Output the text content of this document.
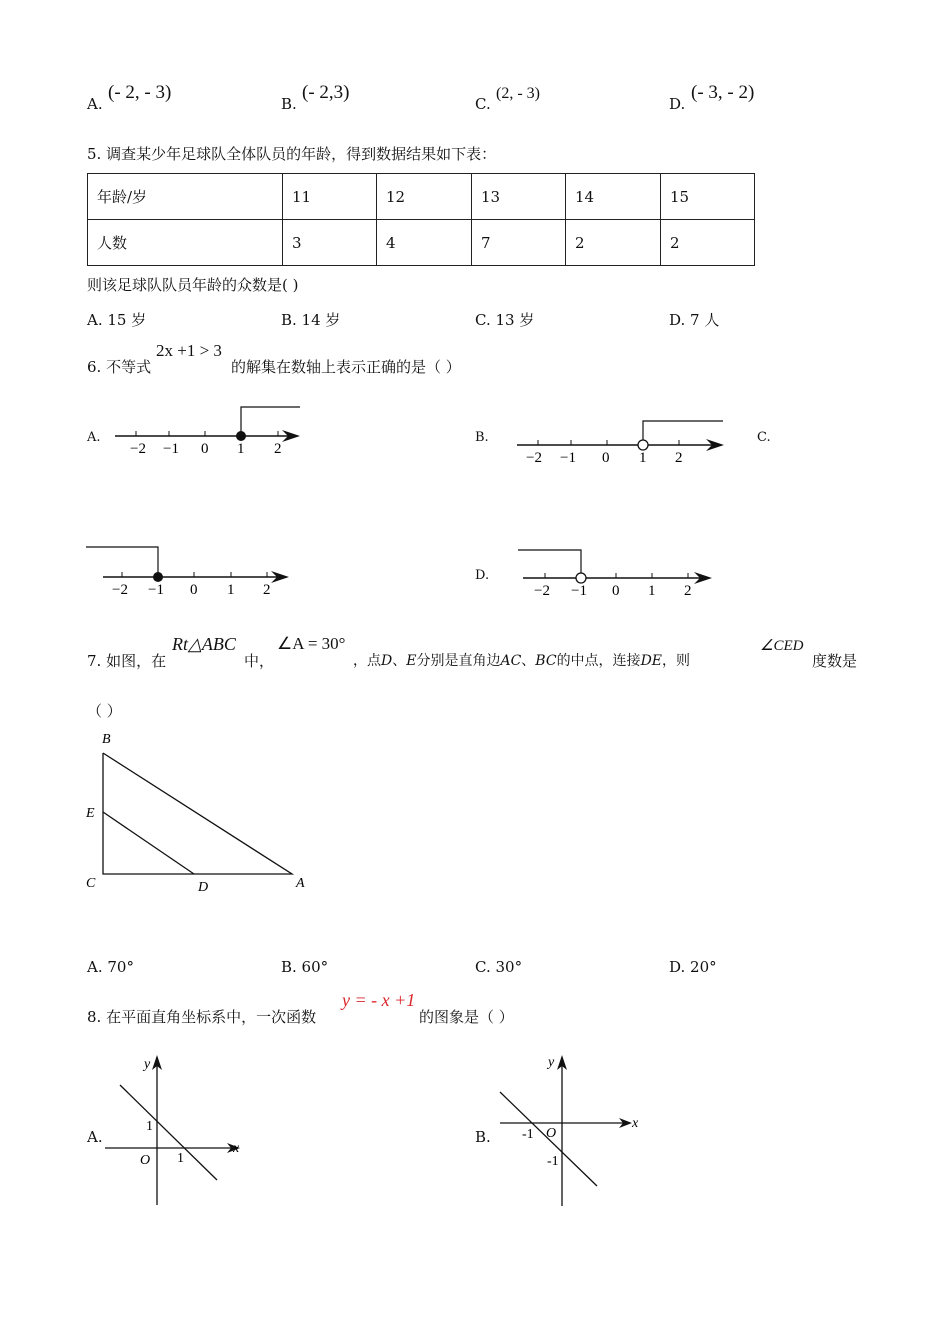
A.
(- 2, - 3)
B.
(- 2,3)
C.
(2, - 3)
D.
(- 3, - 2)
5. 调查某少年足球队全体队员的年龄，得到数据结果如下表：
年龄/岁	11	12	13	14	15
人数	3	4	7	2	2
则该足球队队员年龄的众数是( )
A. 15 岁	B. 14 岁	C. 13 岁	D. 7 人
6. 不等式
2x +1 > 3
的解集在数轴上表示正确的是（ ）
A.	B.	C.
D.
−2 −1 0 1 2
−2 −1 0 1 2
−2 −1 0 1 2	−2 −1 0 1 2
7. 如图，在
Rt△ABC
中，
∠A = 30°
，点D、E分别是直角边AC、BC的中点，连接DE，则
∠CED
度数是
（ ）
B
E
C	D	A
A. 70°	B. 60°	C. 30°	D. 20°
8. 在平面直角坐标系中，一次函数
y = - x +1
的图象是（ ）
A.	B.
y
x
O
1
1
y
x
O
-1
-1
